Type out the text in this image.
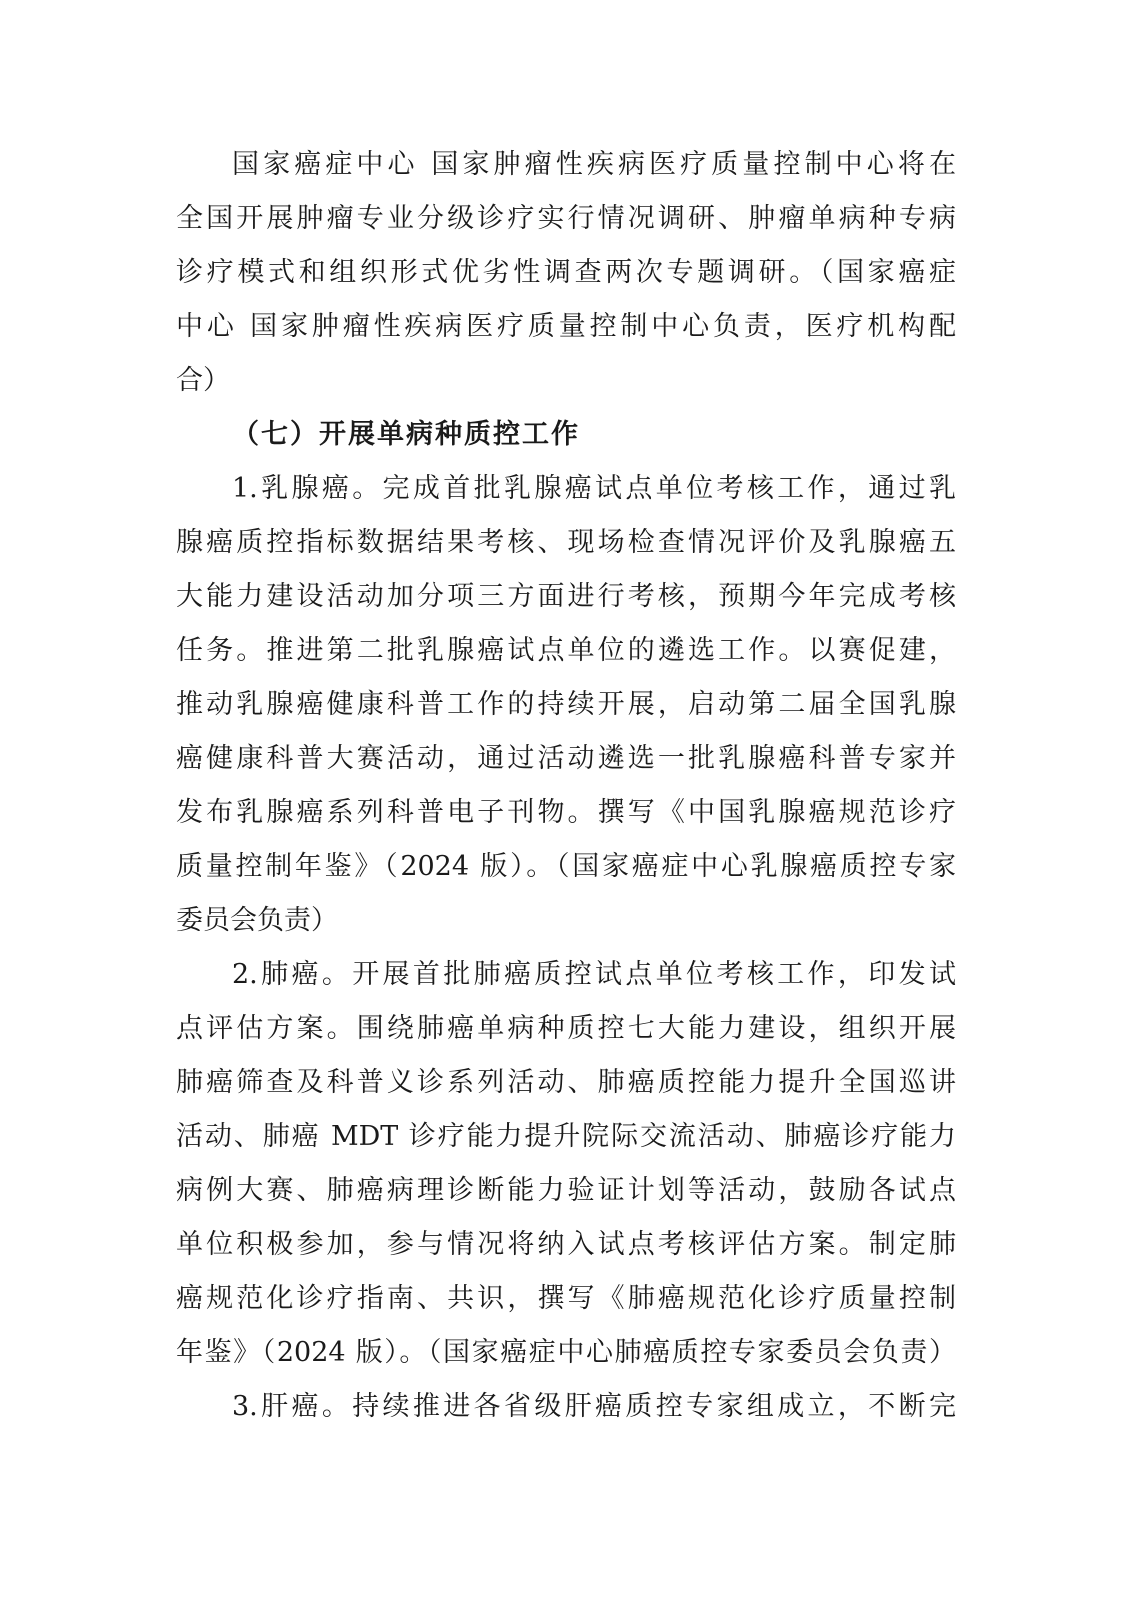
国家癌症中心 国家肿瘤性疾病医疗质量控制中心将在
全国开展肿瘤专业分级诊疗实行情况调研、肿瘤单病种专病
诊疗模式和组织形式优劣性调查两次专题调研。（国家癌症
中心 国家肿瘤性疾病医疗质量控制中心负责，医疗机构配
合）
（七）开展单病种质控工作
1.乳腺癌。完成首批乳腺癌试点单位考核工作，通过乳
腺癌质控指标数据结果考核、现场检查情况评价及乳腺癌五
大能力建设活动加分项三方面进行考核，预期今年完成考核
任务。推进第二批乳腺癌试点单位的遴选工作。以赛促建，
推动乳腺癌健康科普工作的持续开展，启动第二届全国乳腺
癌健康科普大赛活动，通过活动遴选一批乳腺癌科普专家并
发布乳腺癌系列科普电子刊物。撰写《中国乳腺癌规范诊疗
质量控制年鉴》（2024 版）。（国家癌症中心乳腺癌质控专家
委员会负责）
2.肺癌。开展首批肺癌质控试点单位考核工作，印发试
点评估方案。围绕肺癌单病种质控七大能力建设，组织开展
肺癌筛查及科普义诊系列活动、肺癌质控能力提升全国巡讲
活动、肺癌 MDT 诊疗能力提升院际交流活动、肺癌诊疗能力
病例大赛、肺癌病理诊断能力验证计划等活动，鼓励各试点
单位积极参加，参与情况将纳入试点考核评估方案。制定肺
癌规范化诊疗指南、共识，撰写《肺癌规范化诊疗质量控制
年鉴》（2024 版）。（国家癌症中心肺癌质控专家委员会负责）
3.肝癌。持续推进各省级肝癌质控专家组成立，不断完
